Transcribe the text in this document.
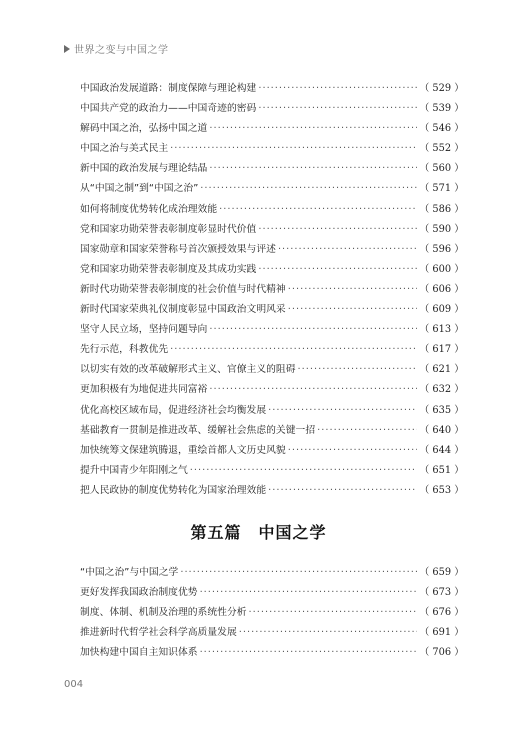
世界之变与中国之学
中国政治发展道路：制度保障与理论构建 ·····	（ 529 ）
中国共产党的政治力——中国奇迹的密码 ·····	（ 539 ）
解码中国之治，弘扬中国之道 ·····	（ 546 ）
中国之治与美式民主 ·····	（ 552 ）
新中国的政治发展与理论结晶 ·····	（ 560 ）
从“中国之制”到“中国之治” ·····	（ 571 ）
如何将制度优势转化成治理效能 ·····	（ 586 ）
党和国家功勋荣誉表彰制度彰显时代价值 ·····	（ 590 ）
国家勋章和国家荣誉称号首次颁授效果与评述 ·····	（ 596 ）
党和国家功勋荣誉表彰制度及其成功实践 ·····	（ 600 ）
新时代功勋荣誉表彰制度的社会价值与时代精神 ·····	（ 606 ）
新时代国家荣典礼仪制度彰显中国政治文明风采 ·····	（ 609 ）
坚守人民立场，坚持问题导向 ·····	（ 613 ）
先行示范，科教优先 ·····	（ 617 ）
以切实有效的改革破解形式主义、官僚主义的阻碍 ·····	（ 621 ）
更加积极有为地促进共同富裕 ·····	（ 632 ）
优化高校区域布局，促进经济社会均衡发展 ·····	（ 635 ）
基础教育一贯制是推进改革、缓解社会焦虑的关键一招 ·····	（ 640 ）
加快统筹文保建筑腾退，重绘首都人文历史风貌 ·····	（ 644 ）
提升中国青少年阳刚之气 ·····	（ 651 ）
把人民政协的制度优势转化为国家治理效能 ·····	（ 653 ）
第五篇　中国之学
“中国之治”与中国之学 ·····	（ 659 ）
更好发挥我国政治制度优势 ·····	（ 673 ）
制度、体制、机制及治理的系统性分析 ·····	（ 676 ）
推进新时代哲学社会科学高质量发展 ·····	（ 691 ）
加快构建中国自主知识体系 ·····	（ 706 ）
004
